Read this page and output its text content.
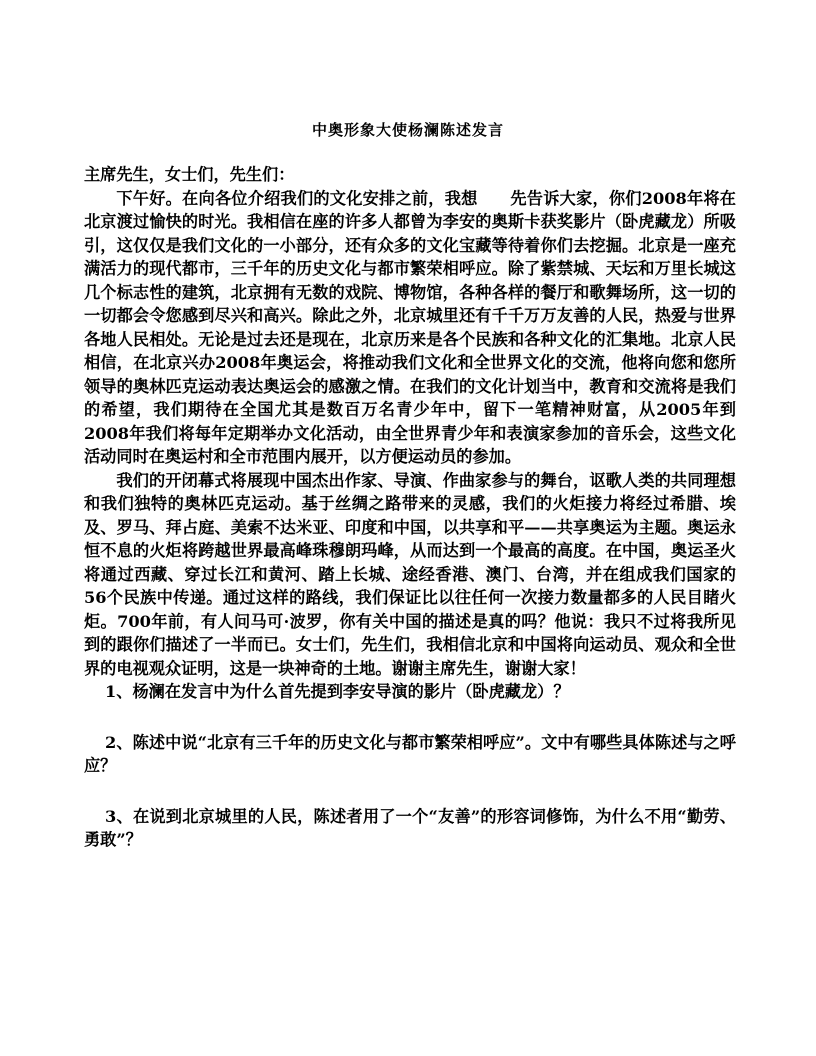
中奥形象大使杨澜陈述发言

主席先生，女士们，先生们：

下午好。在向各位介绍我们的文化安排之前，我想　　先告诉大家，你们2008年将在北京渡过愉快的时光。我相信在座的许多人都曾为李安的奥斯卡获奖影片（卧虎藏龙）所吸引，这仅仅是我们文化的一小部分，还有众多的文化宝藏等待着你们去挖掘。北京是一座充满活力的现代都市，三千年的历史文化与都市繁荣相呼应。除了紫禁城、天坛和万里长城这几个标志性的建筑，北京拥有无数的戏院、博物馆，各种各样的餐厅和歌舞场所，这一切的一切都会令您感到尽兴和高兴。除此之外，北京城里还有千千万万友善的人民，热爱与世界各地人民相处。无论是过去还是现在，北京历来是各个民族和各种文化的汇集地。北京人民相信，在北京兴办2008年奥运会，将推动我们文化和全世界文化的交流，他将向您和您所领导的奥林匹克运动表达奥运会的感激之情。在我们的文化计划当中，教育和交流将是我们的希望，我们期待在全国尤其是数百万名青少年中，留下一笔精神财富，从2005年到2008年我们将每年定期举办文化活动，由全世界青少年和表演家参加的音乐会，这些文化活动同时在奥运村和全市范围内展开，以方便运动员的参加。

我们的开闭幕式将展现中国杰出作家、导演、作曲家参与的舞台，讴歌人类的共同理想和我们独特的奥林匹克运动。基于丝绸之路带来的灵感，我们的火炬接力将经过希腊、埃及、罗马、拜占庭、美索不达米亚、印度和中国，以共享和平——共享奥运为主题。奥运永恒不息的火炬将跨越世界最高峰珠穆朗玛峰，从而达到一个最高的高度。在中国，奥运圣火将通过西藏、穿过长江和黄河、踏上长城、途经香港、澳门、台湾，并在组成我们国家的56个民族中传递。通过这样的路线，我们保证比以往任何一次接力数量都多的人民目睹火炬。700年前，有人问马可·波罗，你有关中国的描述是真的吗？他说：我只不过将我所见到的跟你们描述了一半而已。女士们，先生们，我相信北京和中国将向运动员、观众和全世界的电视观众证明，这是一块神奇的土地。谢谢主席先生，谢谢大家！

1、杨澜在发言中为什么首先提到李安导演的影片（卧虎藏龙）？

2、陈述中说“北京有三千年的历史文化与都市繁荣相呼应”。文中有哪些具体陈述与之呼应？

3、在说到北京城里的人民，陈述者用了一个“友善”的形容词修饰，为什么不用“勤劳、勇敢”？
